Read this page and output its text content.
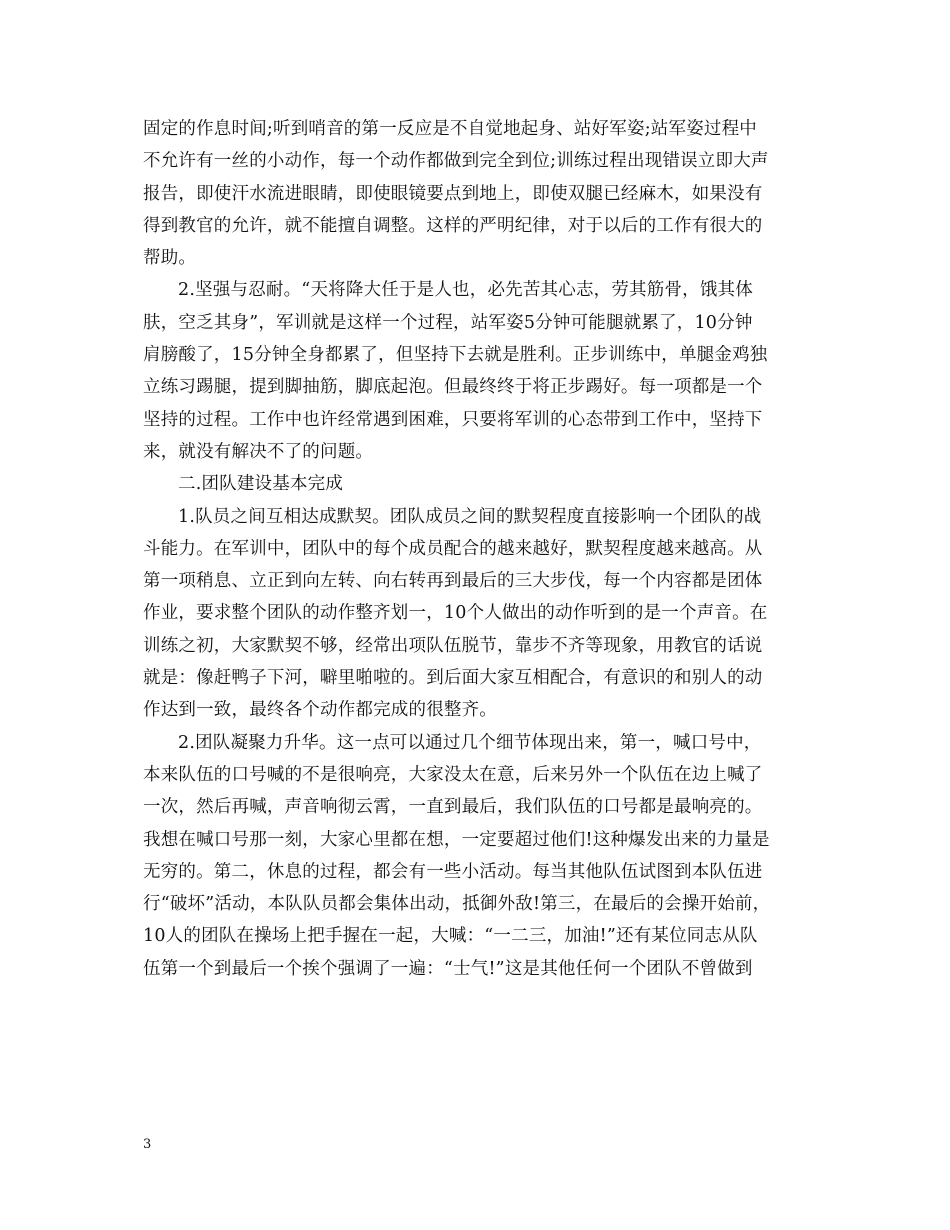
固定的作息时间;听到哨音的第一反应是不自觉地起身、站好军姿;站军姿过程中
不允许有一丝的小动作，每一个动作都做到完全到位;训练过程出现错误立即大声
报告，即使汗水流进眼睛，即使眼镜要点到地上，即使双腿已经麻木，如果没有
得到教官的允许，就不能擅自调整。这样的严明纪律，对于以后的工作有很大的
帮助。
2.坚强与忍耐。“天将降大任于是人也，必先苦其心志，劳其筋骨，饿其体
肤，空乏其身”，军训就是这样一个过程，站军姿5分钟可能腿就累了，10分钟
肩膀酸了，15分钟全身都累了，但坚持下去就是胜利。正步训练中，单腿金鸡独
立练习踢腿，提到脚抽筋，脚底起泡。但最终终于将正步踢好。每一项都是一个
坚持的过程。工作中也许经常遇到困难，只要将军训的心态带到工作中，坚持下
来，就没有解决不了的问题。
二.团队建设基本完成
1.队员之间互相达成默契。团队成员之间的默契程度直接影响一个团队的战
斗能力。在军训中，团队中的每个成员配合的越来越好，默契程度越来越高。从
第一项稍息、立正到向左转、向右转再到最后的三大步伐，每一个内容都是团体
作业，要求整个团队的动作整齐划一，10个人做出的动作听到的是一个声音。在
训练之初，大家默契不够，经常出项队伍脱节，靠步不齐等现象，用教官的话说
就是：像赶鸭子下河，噼里啪啦的。到后面大家互相配合，有意识的和别人的动
作达到一致，最终各个动作都完成的很整齐。
2.团队凝聚力升华。这一点可以通过几个细节体现出来，第一，喊口号中，
本来队伍的口号喊的不是很响亮，大家没太在意，后来另外一个队伍在边上喊了
一次，然后再喊，声音响彻云霄，一直到最后，我们队伍的口号都是最响亮的。
我想在喊口号那一刻，大家心里都在想，一定要超过他们!这种爆发出来的力量是
无穷的。第二，休息的过程，都会有一些小活动。每当其他队伍试图到本队伍进
行“破坏”活动，本队队员都会集体出动，抵御外敌!第三，在最后的会操开始前，
10人的团队在操场上把手握在一起，大喊：“一二三，加油!”还有某位同志从队
伍第一个到最后一个挨个强调了一遍：“士气!”这是其他任何一个团队不曾做到
3
